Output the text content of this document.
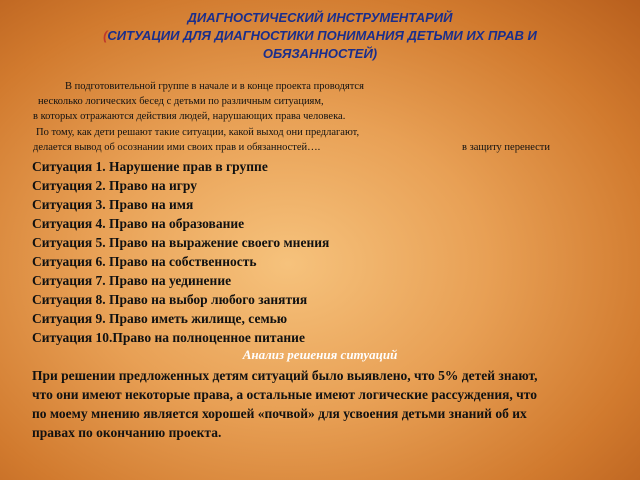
ДИАГНОСТИЧЕСКИЙ ИНСТРУМЕНТАРИЙ
(СИТУАЦИИ ДЛЯ ДИАГНОСТИКИ ПОНИМАНИЯ ДЕТЬМИ ИХ ПРАВ И
ОБЯЗАННОСТЕЙ)
В подготовительной группе в начале и в конце проекта проводятся
несколько логических бесед с детьми по различным ситуациям,
в которых отражаются действия людей, нарушающих права человека.
По тому, как дети решают такие ситуации, какой выход они предлагают,
делается вывод об осознании ими своих прав и обязанностей….	в защиту перенести
Ситуация 1. Нарушение прав в группе
Ситуация 2. Право на игру
Ситуация 3. Право на имя
Ситуация 4. Право на образование
Ситуация 5. Право на выражение своего мнения
Ситуация 6. Право на собственность
Ситуация 7. Право на уединение
Ситуация 8. Право на выбор любого занятия
Ситуация 9. Право иметь жилище, семью
Ситуация 10.Право на полноценное питание
Анализ решения ситуаций
При решении предложенных детям ситуаций было выявлено, что 5% детей знают,
что они имеют некоторые права, а остальные имеют логические рассуждения, что
по моему мнению является хорошей «почвой» для усвоения детьми знаний об их
правах по окончанию проекта.
